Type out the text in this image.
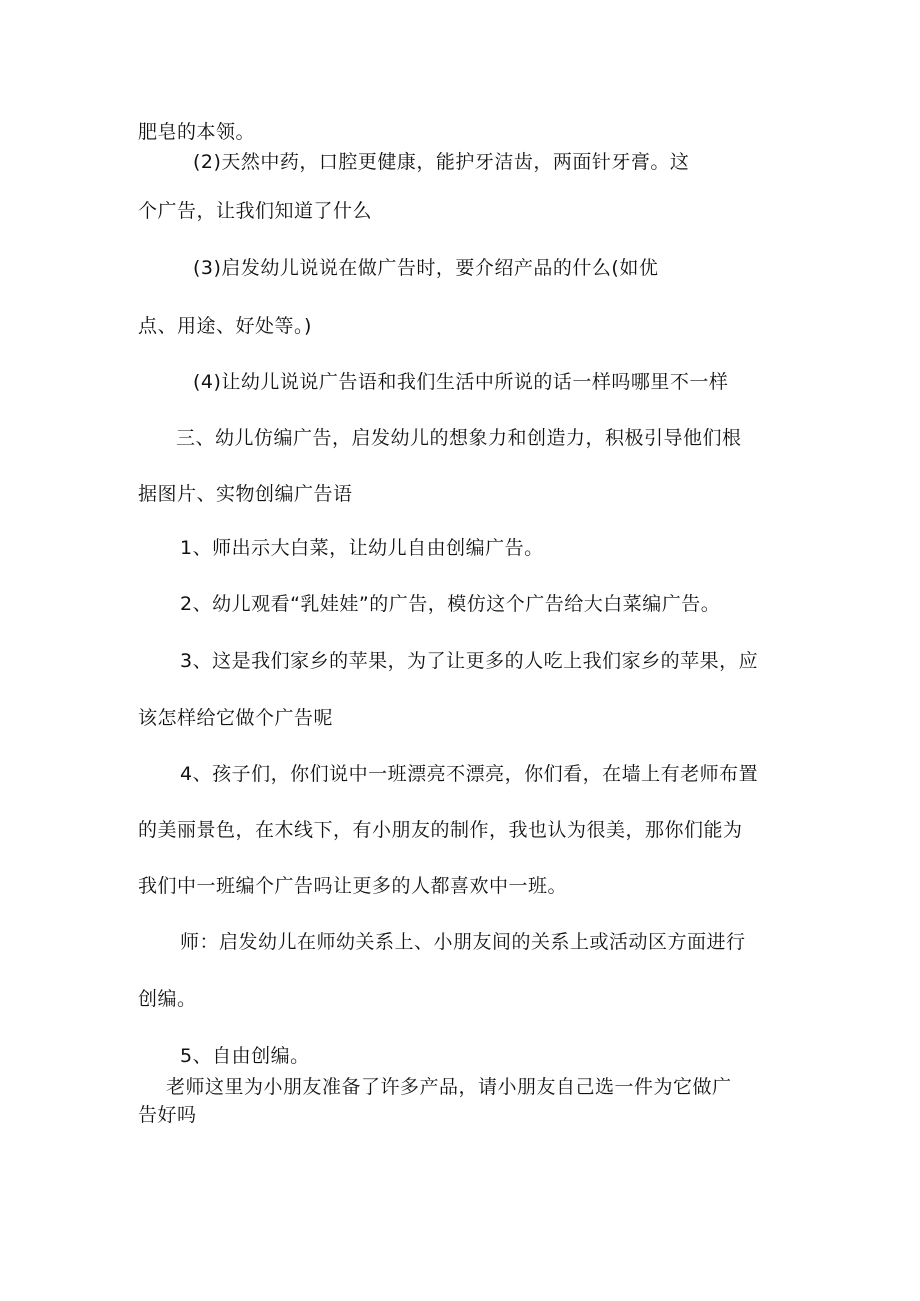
肥皂的本领。
(2)天然中药，口腔更健康，能护牙洁齿，两面针牙膏。这
个广告，让我们知道了什么
(3)启发幼儿说说在做广告时，要介绍产品的什么(如优
点、用途、好处等。)
(4)让幼儿说说广告语和我们生活中所说的话一样吗哪里不一样
三、幼儿仿编广告，启发幼儿的想象力和创造力，积极引导他们根
据图片、实物创编广告语
1、师出示大白菜，让幼儿自由创编广告。
2、幼儿观看“乳娃娃”的广告，模仿这个广告给大白菜编广告。
3、这是我们家乡的苹果，为了让更多的人吃上我们家乡的苹果，应
该怎样给它做个广告呢
4、孩子们，你们说中一班漂亮不漂亮，你们看，在墙上有老师布置
的美丽景色，在木线下，有小朋友的制作，我也认为很美，那你们能为
我们中一班编个广告吗让更多的人都喜欢中一班。
师：启发幼儿在师幼关系上、小朋友间的关系上或活动区方面进行
创编。
5、自由创编。
老师这里为小朋友准备了许多产品，请小朋友自己选一件为它做广
告好吗
